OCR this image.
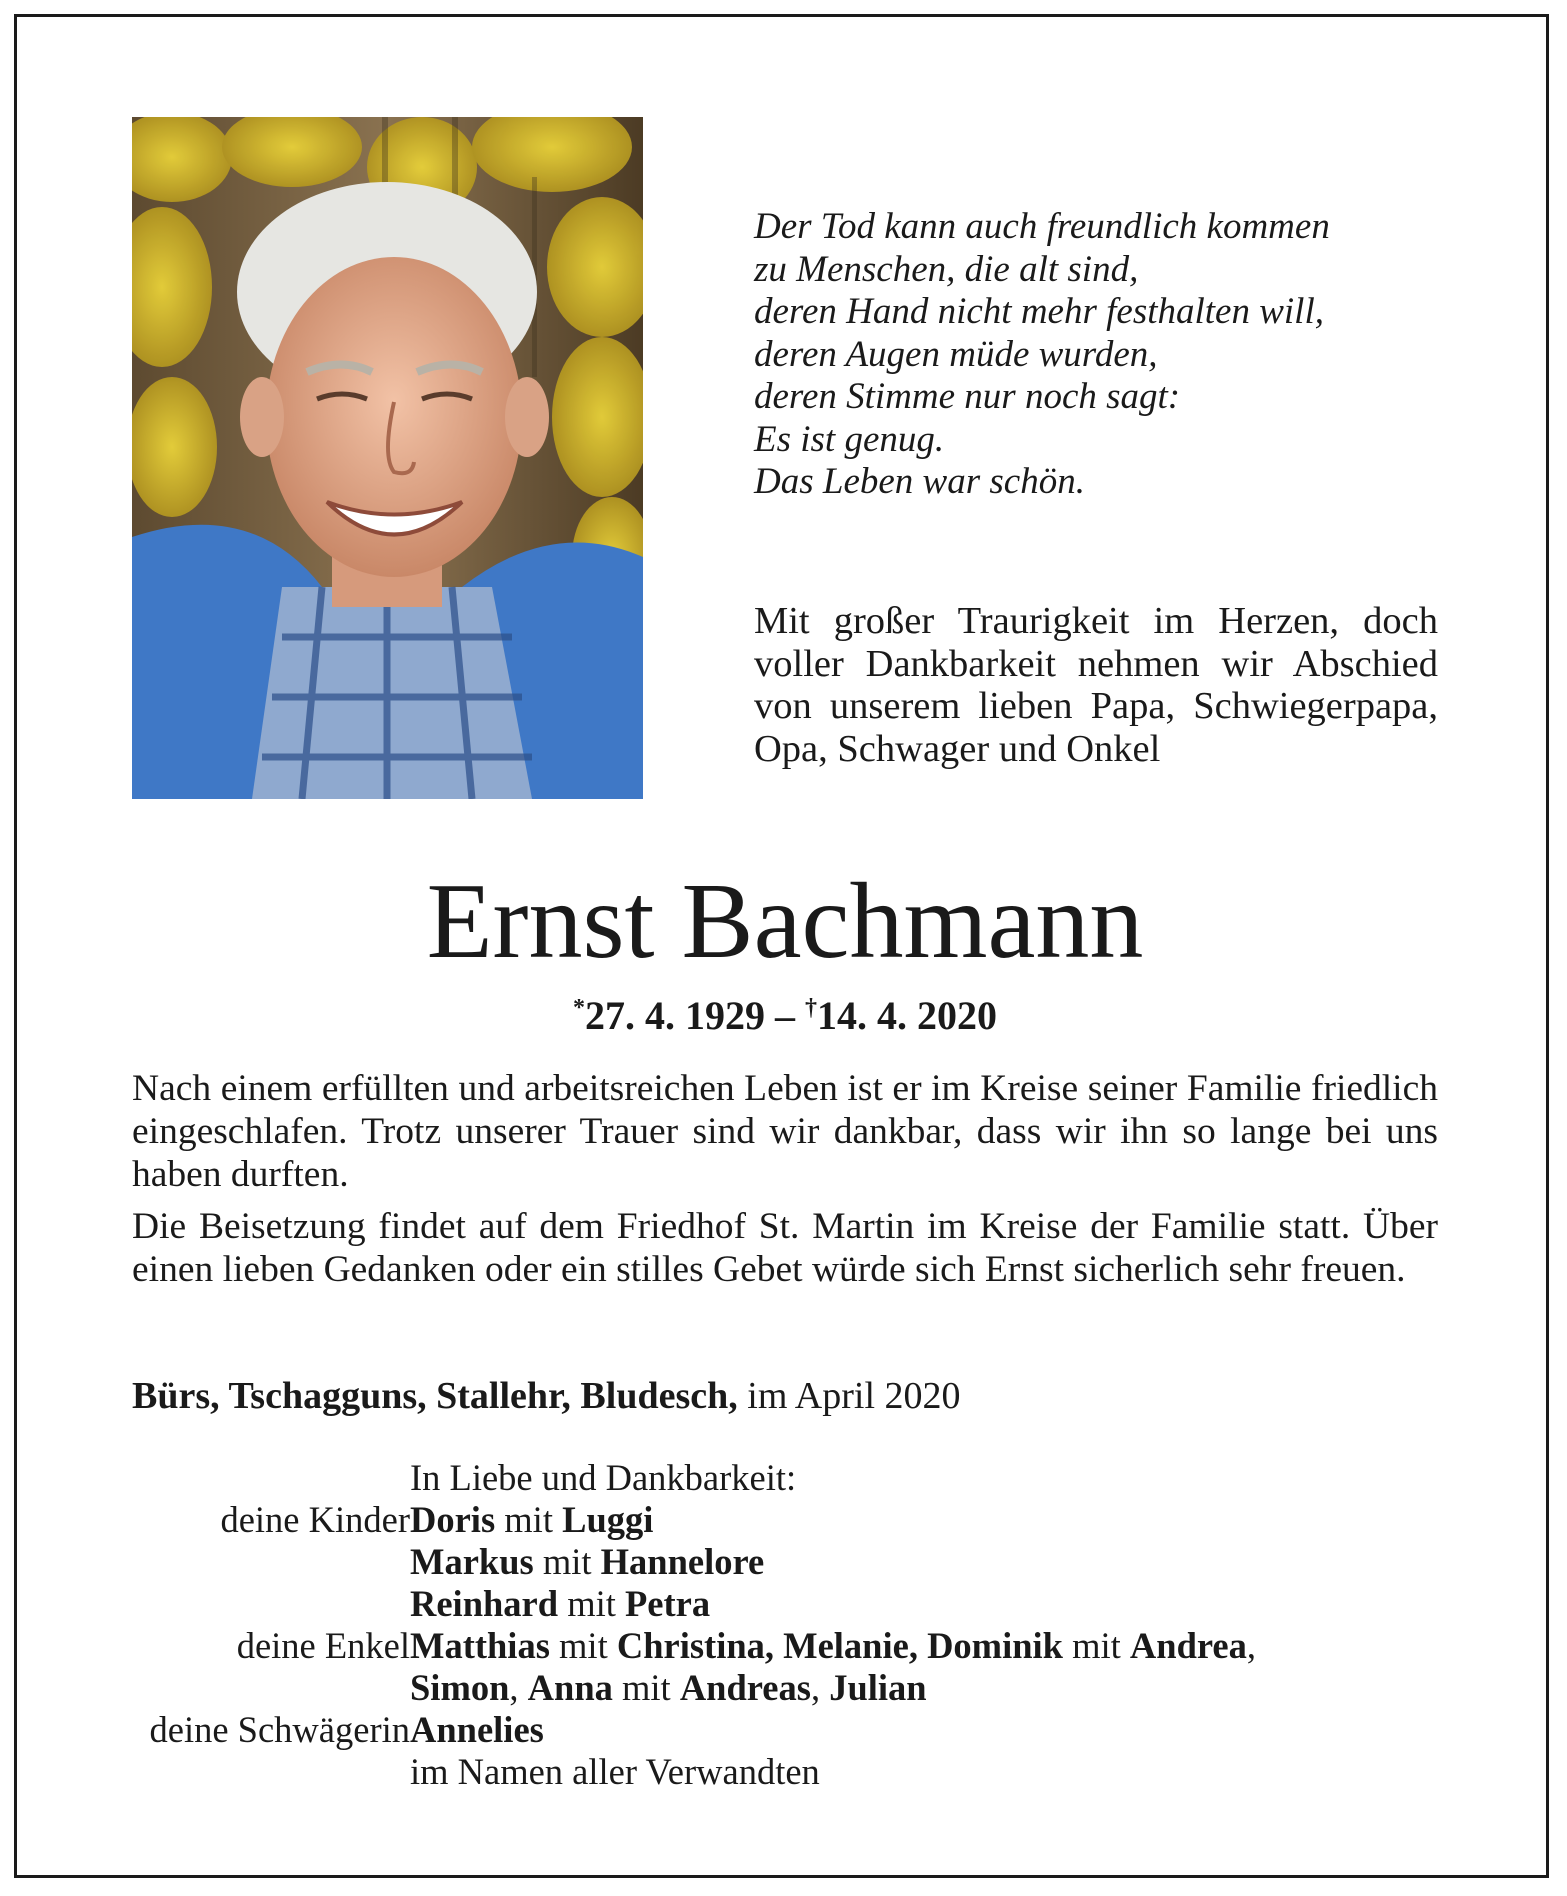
Der Tod kann auch freundlich kommen
zu Menschen, die alt sind,
deren Hand nicht mehr festhalten will,
deren Augen müde wurden,
deren Stimme nur noch sagt:
Es ist genug.
Das Leben war schön.
Mit großer Traurigkeit im Herzen, doch voller Dankbarkeit nehmen wir Abschied von unserem lieben Papa, Schwiegerpapa, Opa, Schwager und Onkel
Ernst Bachmann
*27. 4. 1929 – †14. 4. 2020
Nach einem erfüllten und arbeitsreichen Leben ist er im Kreise seiner Familie friedlich eingeschlafen. Trotz unserer Trauer sind wir dankbar, dass wir ihn so lange bei uns haben durften.
Die Beisetzung findet auf dem Friedhof St. Martin im Kreise der Familie statt. Über einen lieben Gedanken oder ein stilles Gebet würde sich Ernst sicherlich sehr freuen.
Bürs, Tschagguns, Stallehr, Bludesch, im April 2020
In Liebe und Dankbarkeit:
deine Kinder Doris mit Luggi
Markus mit Hannelore
Reinhard mit Petra
deine Enkel Matthias mit Christina, Melanie, Dominik mit Andrea,
Simon, Anna mit Andreas, Julian
deine Schwägerin Annelies
im Namen aller Verwandten
